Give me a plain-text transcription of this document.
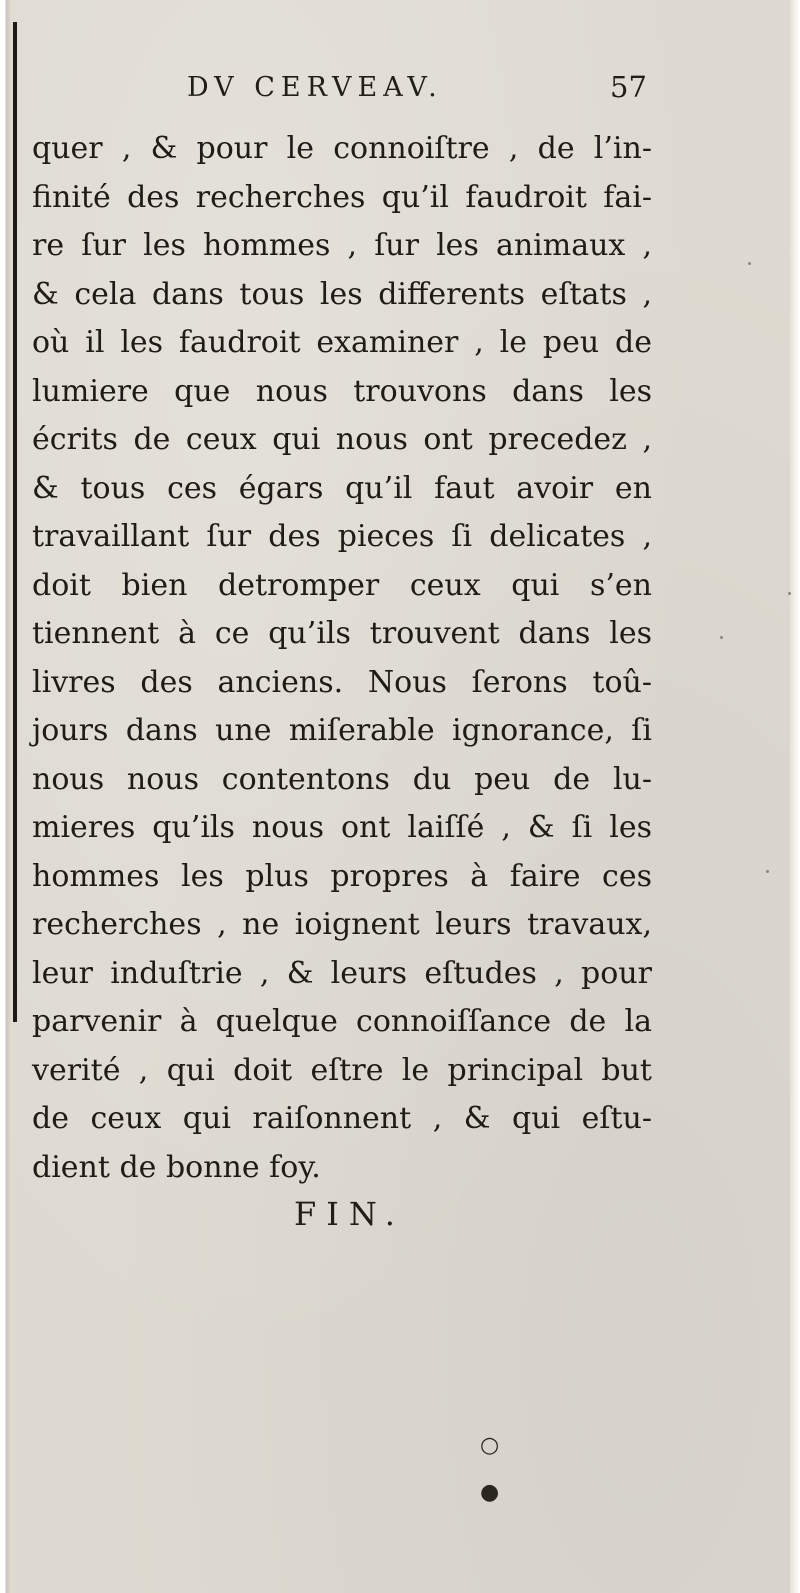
DV CERVEAV.	57
quer , & pour le connoiſtre , de l’in-
finité des recherches qu’il faudroit fai-
re ſur les hommes , ſur les animaux ,
& cela dans tous les differents eſtats ,
où il les faudroit examiner , le peu de
lumiere que nous trouvons dans les
écrits de ceux qui nous ont precedez ,
& tous ces égars qu’il faut avoir en
travaillant ſur des pieces ſi delicates ,
doit bien detromper ceux qui s’en
tiennent à ce qu’ils trouvent dans les
livres des anciens. Nous ſerons toû-
jours dans une miſerable ignorance, ſi
nous nous contentons du peu de lu-
mieres qu’ils nous ont laiſſé , & ſi les
hommes les plus propres à faire ces
recherches , ne ioignent leurs travaux,
leur induſtrie , & leurs eſtudes , pour
parvenir à quelque connoiſſance de la
verité , qui doit eſtre le principal but
de ceux qui raiſonnent , & qui eſtu-
dient de bonne foy.
FIN.
○
●
